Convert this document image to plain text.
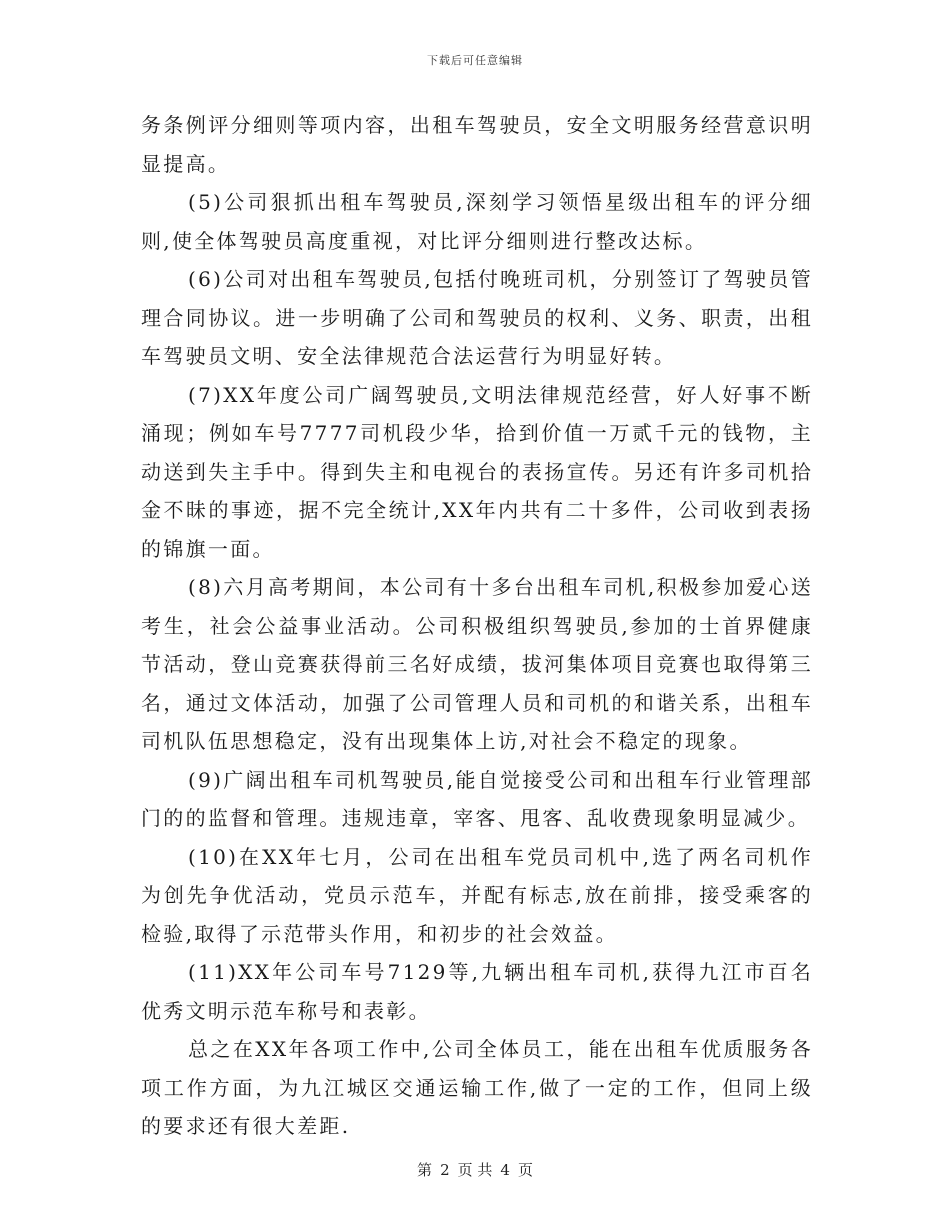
下载后可任意编辑

务条例评分细则等项内容，出租车驾驶员，安全文明服务经营意识明显提高。

(5)公司狠抓出租车驾驶员,深刻学习领悟星级出租车的评分细则,使全体驾驶员高度重视，对比评分细则进行整改达标。

(6)公司对出租车驾驶员,包括付晚班司机，分别签订了驾驶员管理合同协议。进一步明确了公司和驾驶员的权利、义务、职责，出租车驾驶员文明、安全法律规范合法运营行为明显好转。

(7)XX年度公司广阔驾驶员,文明法律规范经营，好人好事不断涌现；例如车号7777司机段少华，拾到价值一万贰千元的钱物，主动送到失主手中。得到失主和电视台的表扬宣传。另还有许多司机拾金不昧的事迹，据不完全统计,XX年内共有二十多件，公司收到表扬的锦旗一面。

(8)六月高考期间，本公司有十多台出租车司机,积极参加爱心送考生，社会公益事业活动。公司积极组织驾驶员,参加的士首界健康节活动，登山竞赛获得前三名好成绩，拔河集体项目竞赛也取得第三名，通过文体活动，加强了公司管理人员和司机的和谐关系，出租车司机队伍思想稳定，没有出现集体上访,对社会不稳定的现象。

(9)广阔出租车司机驾驶员,能自觉接受公司和出租车行业管理部门的的监督和管理。违规违章，宰客、甩客、乱收费现象明显减少。

(10)在XX年七月，公司在出租车党员司机中,选了两名司机作为创先争优活动，党员示范车，并配有标志,放在前排，接受乘客的检验,取得了示范带头作用，和初步的社会效益。

(11)XX年公司车号7129等,九辆出租车司机,获得九江市百名优秀文明示范车称号和表彰。

总之在XX年各项工作中,公司全体员工，能在出租车优质服务各项工作方面，为九江城区交通运输工作,做了一定的工作，但同上级的要求还有很大差距.

第 2 页 共 4 页
